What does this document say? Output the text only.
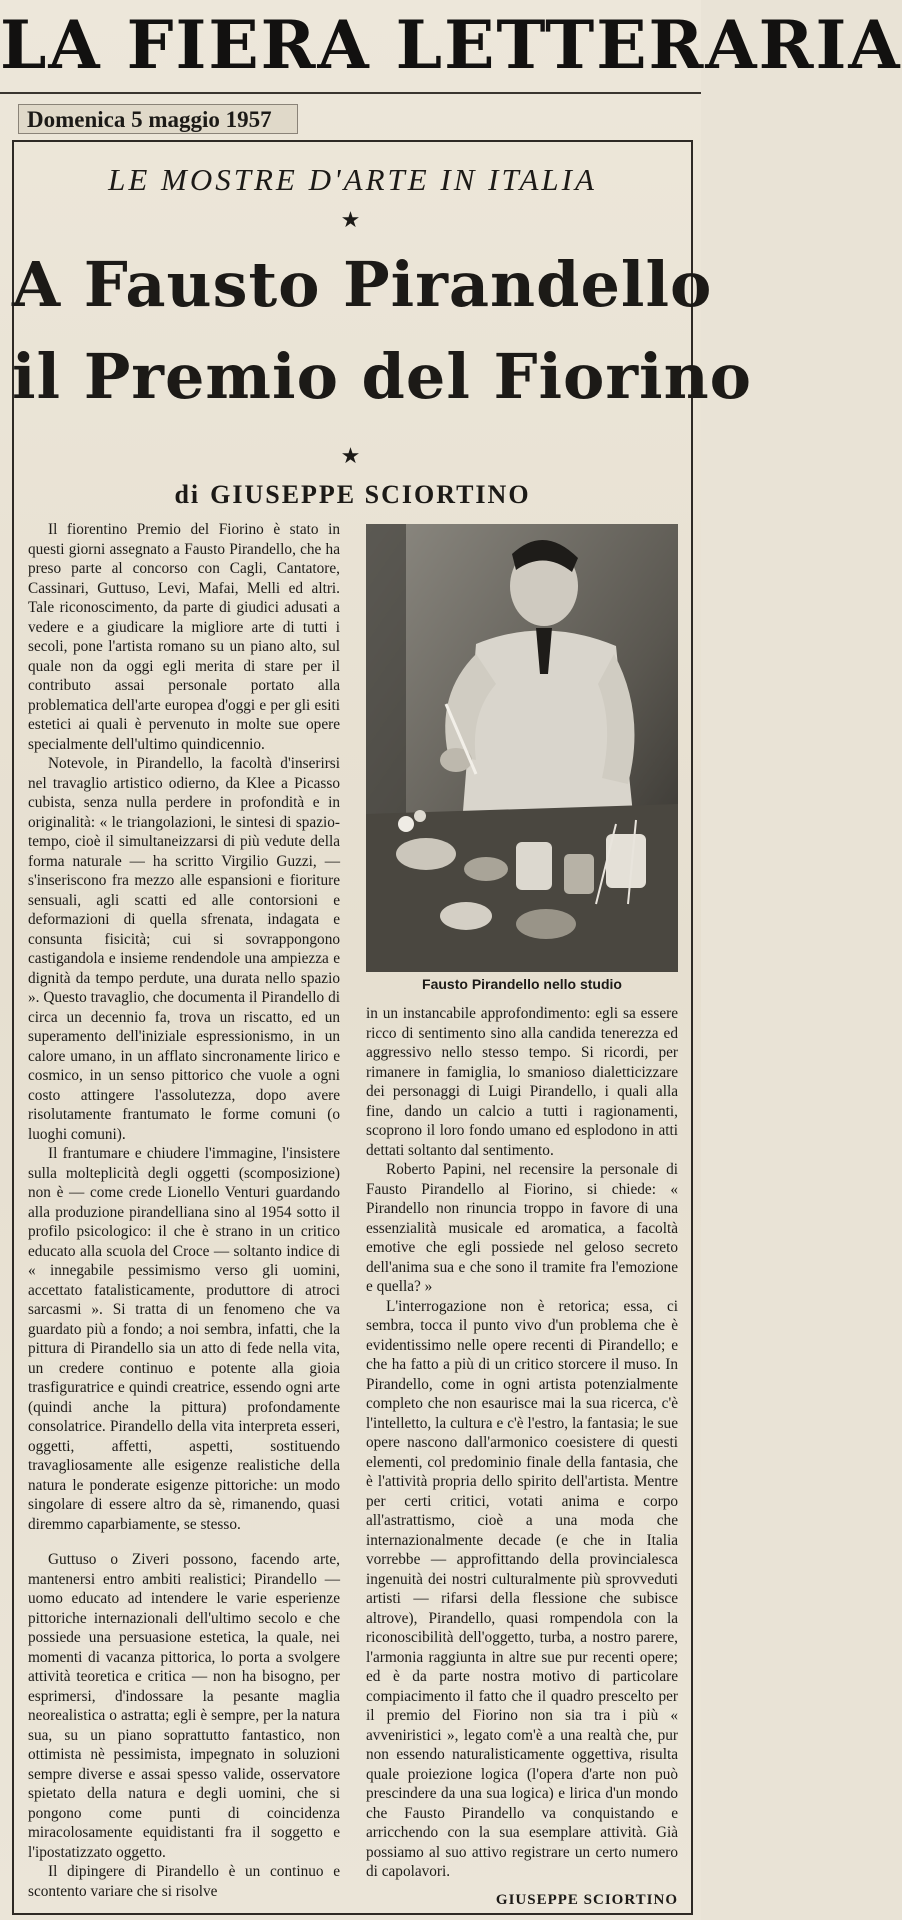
LA FIERA LETTERARIA
Domenica 5 maggio 1957
LE MOSTRE D'ARTE IN ITALIA
★
A Fausto Pirandello
il Premio del Fiorino
★
di GIUSEPPE SCIORTINO

Il fiorentino Premio del Fiorino è stato in questi giorni assegnato a Fausto Pirandello, che ha preso parte al concorso con Cagli, Cantatore, Cassinari, Guttuso, Levi, Mafai, Melli ed altri. Tale riconoscimento, da parte di giudici adusati a vedere e a giudicare la migliore arte di tutti i secoli, pone l'artista romano su un piano alto, sul quale non da oggi egli merita di stare per il contributo assai personale portato alla problematica dell'arte europea d'oggi e per gli esiti estetici ai quali è pervenuto in molte sue opere specialmente dell'ultimo quindicennio.

Notevole, in Pirandello, la facoltà d'inserirsi nel travaglio artistico odierno, da Klee a Picasso cubista, senza nulla perdere in profondità e in originalità: « le triangolazioni, le sintesi di spazio-tempo, cioè il simultaneizzarsi di più vedute della forma naturale — ha scritto Virgilio Guzzi, — s'inseriscono fra mezzo alle espansioni e fioriture sensuali, agli scatti ed alle contorsioni e deformazioni di quella sfrenata, indagata e consunta fisicità; cui si sovrappongono castigandola e insieme rendendole una ampiezza e dignità da tempo perdute, una durata nello spazio ». Questo travaglio, che documenta il Pirandello di circa un decennio fa, trova un riscatto, ed un superamento dell'iniziale espressionismo, in un calore umano, in un afflato sincronamente lirico e cosmico, in un senso pittorico che vuole a ogni costo attingere l'assolutezza, dopo avere risolutamente frantumato le forme comuni (o luoghi comuni).

Il frantumare e chiudere l'immagine, l'insistere sulla molteplicità degli oggetti (scomposizione) non è — come crede Lionello Venturi guardando alla produzione pirandelliana sino al 1954 sotto il profilo psicologico: il che è strano in un critico educato alla scuola del Croce — soltanto indice di « innegabile pessimismo verso gli uomini, accettato fatalisticamente, produttore di atroci sarcasmi ». Si tratta di un fenomeno che va guardato più a fondo; a noi sembra, infatti, che la pittura di Pirandello sia un atto di fede nella vita, un credere continuo e potente alla gioia trasfiguratrice e quindi creatrice, essendo ogni arte (quindi anche la pittura) profondamente consolatrice. Pirandello della vita interpreta esseri, oggetti, affetti, aspetti, sostituendo travagliosamente alle esigenze realistiche della natura le ponderate esigenze pittoriche: un modo singolare di essere altro da sè, rimanendo, quasi diremmo caparbiamente, se stesso.

Fausto Pirandello nello studio

in un instancabile approfondimento: egli sa essere ricco di sentimento sino alla candida tenerezza ed aggressivo nello stesso tempo. Si ricordi, per rimanere in famiglia, lo smanioso dialetticizzare dei personaggi di Luigi Pirandello, i quali alla fine, dando un calcio a tutti i ragionamenti, scoprono il loro fondo umano ed esplodono in atti dettati soltanto dal sentimento.

Roberto Papini, nel recensire la personale di Fausto Pirandello al Fiorino, si chiede: « Pirandello non rinuncia troppo in favore di una essenzialità musicale ed aromatica, a facoltà emotive che egli possiede nel geloso secreto dell'anima sua e che sono il tramite fra l'emozione e quella? »

L'interrogazione non è retorica; essa, ci sembra, tocca il punto vivo d'un problema che è evidentissimo nelle opere recenti di Pirandello; e che ha fatto a più di un critico storcere il muso. In Pirandello, come in ogni artista potenzialmente completo che non esaurisce mai la sua ricerca, c'è l'intelletto, la cultura e c'è l'estro, la fantasia; le sue opere nascono dall'armonico coesistere di questi elementi, col predominio finale della fantasia, che è l'attività propria dello spirito dell'artista. Mentre per certi critici, votati anima e corpo all'astrattismo, cioè a una moda che internazionalmente decade (e che in Italia vorrebbe — approfittando della provincialesca ingenuità dei nostri culturalmente più sprovveduti artisti — rifarsi della flessione che subisce altrove), Pirandello, quasi rompendola con la riconoscibilità dell'oggetto, turba, a nostro parere, l'armonia raggiunta in altre sue pur recenti opere; ed è da parte nostra motivo di particolare compiacimento il fatto che il quadro prescelto per il premio del Fiorino non sia tra i più « avveniristici », legato com'è a una realtà che, pur non essendo naturalisticamente oggettiva, risulta quale proiezione logica (l'opera d'arte non può prescindere da una sua logica) e lirica d'un mondo che Fausto Pirandello va conquistando e arricchendo con la sua esemplare attività. Già possiamo al suo attivo registrare un certo numero di capolavori.

Guttuso o Ziveri possono, facendo arte, mantenersi entro ambiti realistici; Pirandello — uomo educato ad intendere le varie esperienze pittoriche internazionali dell'ultimo secolo e che possiede una persuasione estetica, la quale, nei momenti di vacanza pittorica, lo porta a svolgere attività teoretica e critica — non ha bisogno, per esprimersi, d'indossare la pesante maglia neorealistica o astratta; egli è sempre, per la natura sua, su un piano soprattutto fantastico, non ottimista nè pessimista, impegnato in soluzioni sempre diverse e assai spesso valide, osservatore spietato della natura e degli uomini, che si pongono come punti di coincidenza miracolosamente equidistanti fra il soggetto e l'ipostatizzato oggetto.

Il dipingere di Pirandello è un continuo e scontento variare che si risolve

GIUSEPPE SCIORTINO
